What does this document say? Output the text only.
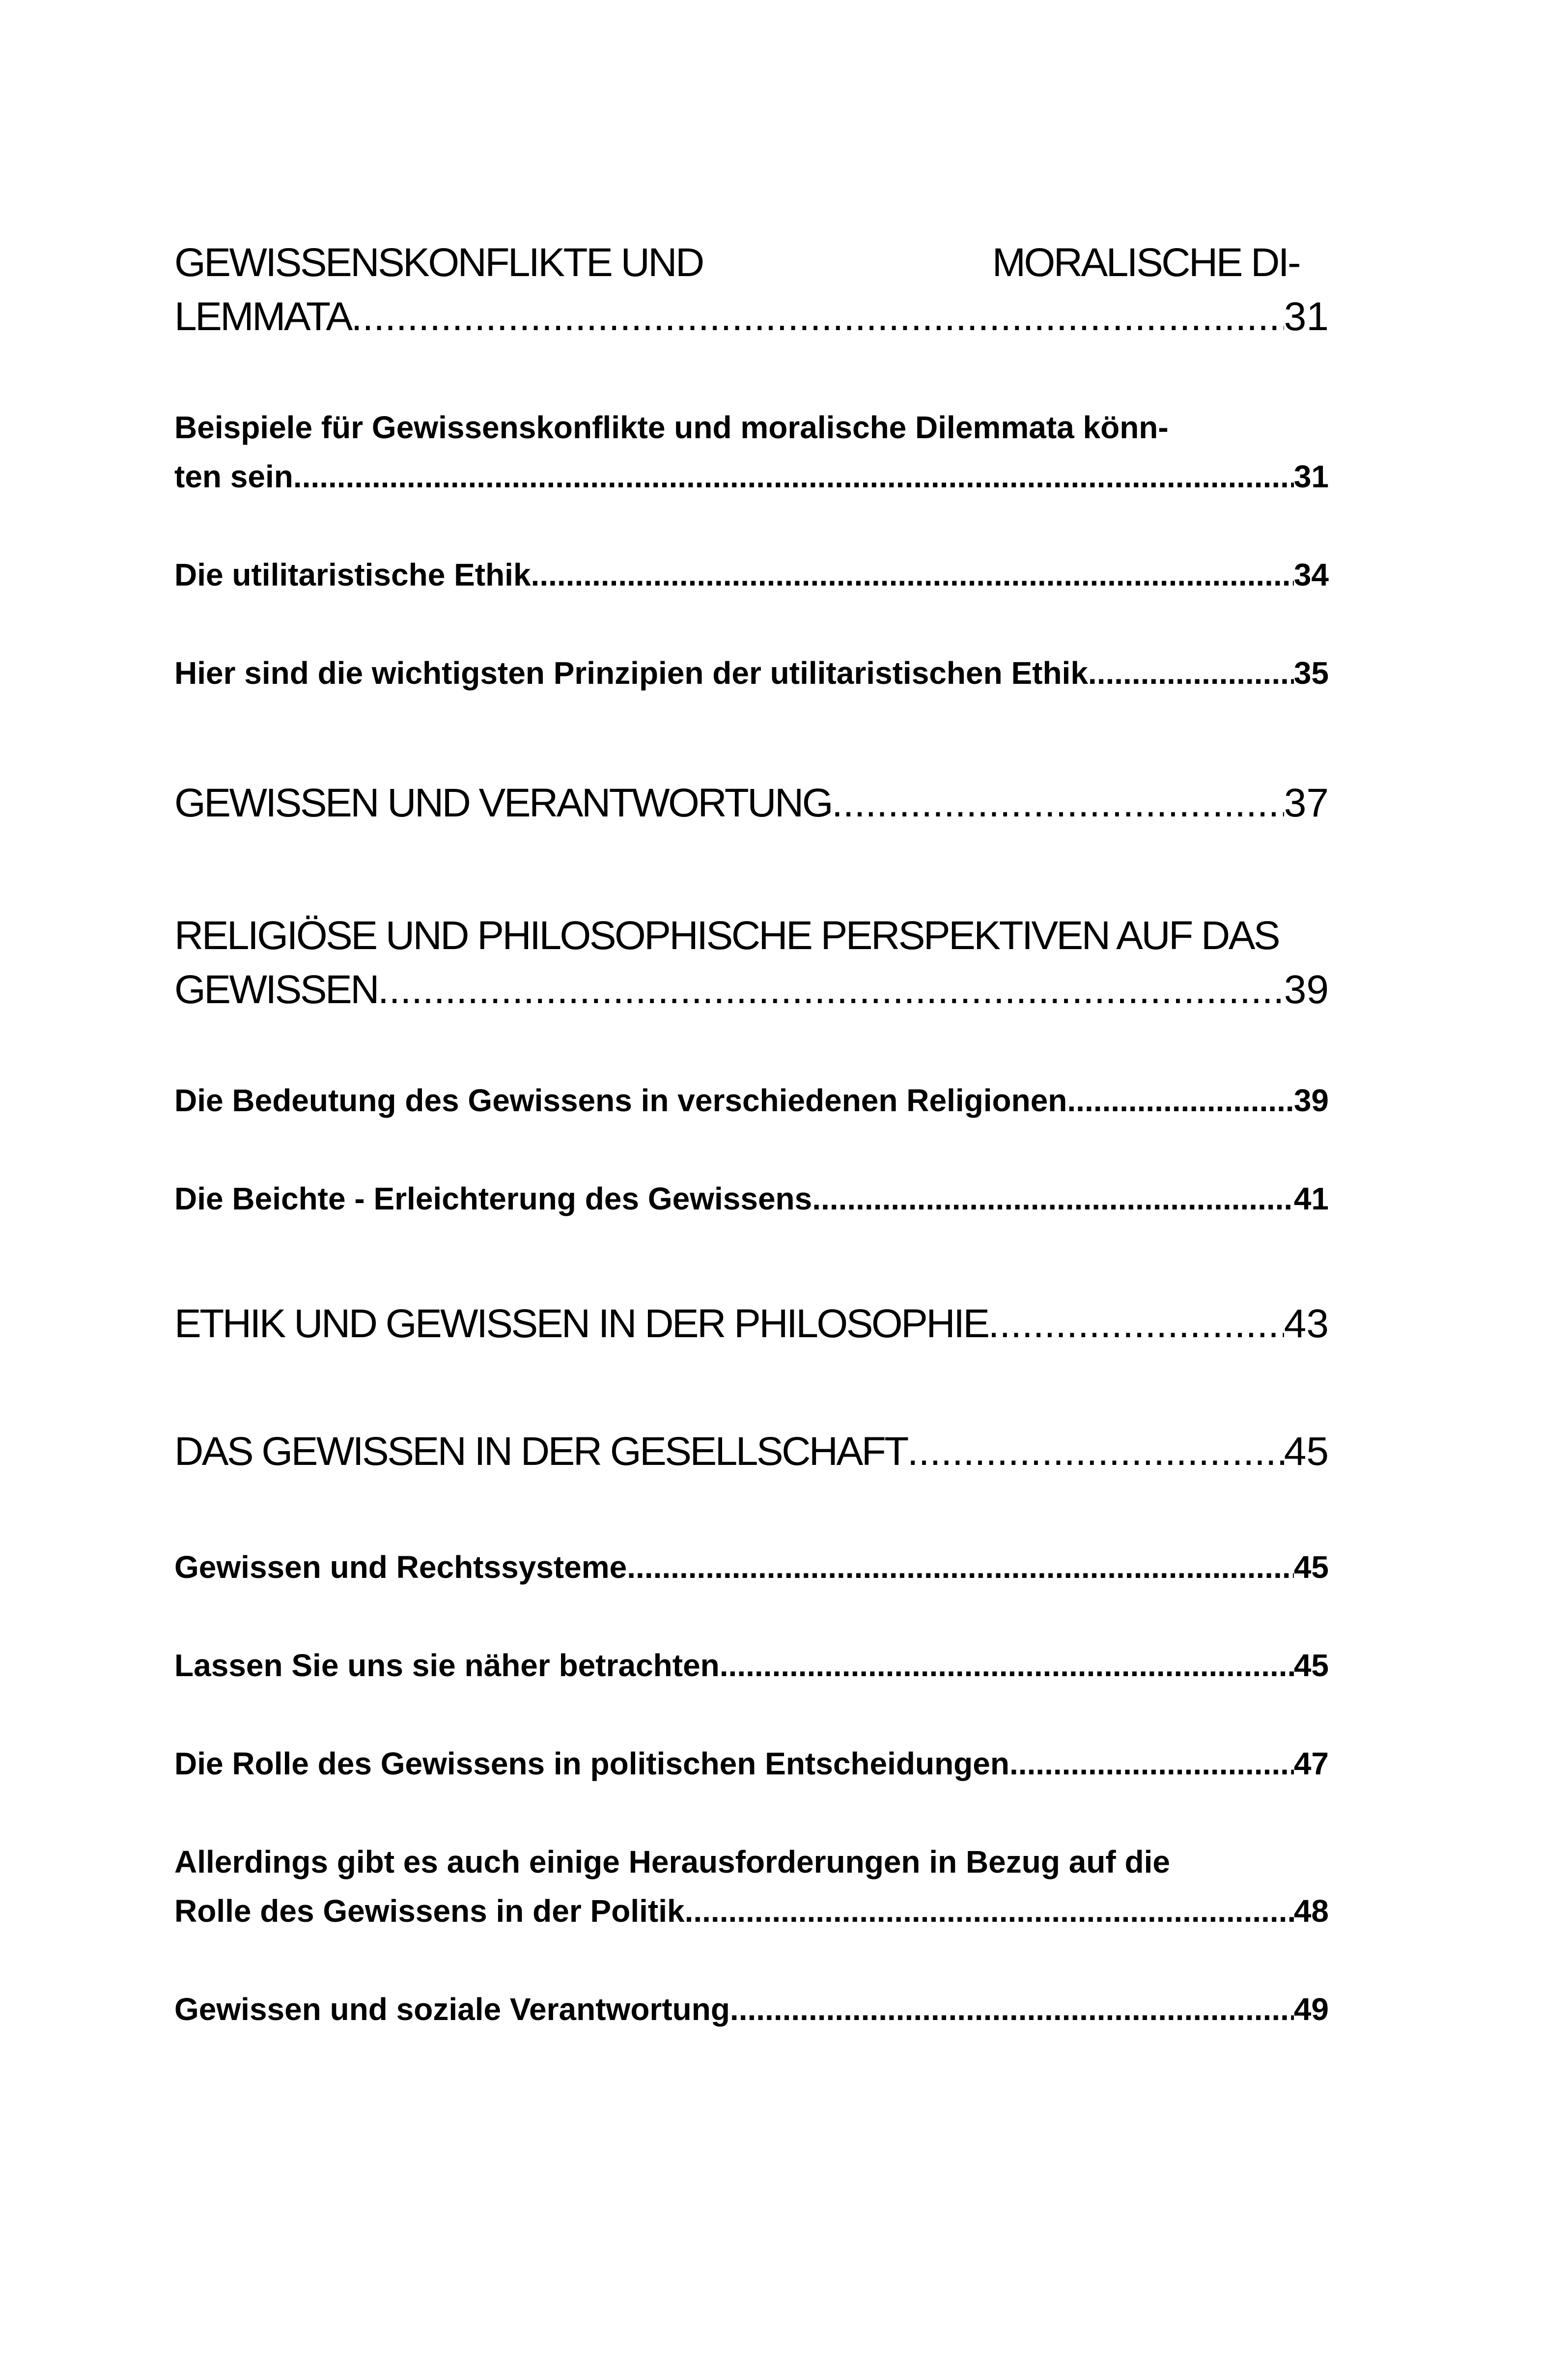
GEWISSENSKONFLIKTE UND	MORALISCHE DI-
LEMMATA .....	31
Beispiele für Gewissenskonflikte und moralische Dilemmata könn-
ten sein .....	31
Die utilitaristische Ethik .....	34
Hier sind die wichtigsten Prinzipien der utilitaristischen Ethik .....	35
GEWISSEN UND VERANTWORTUNG .....	37
RELIGIÖSE UND PHILOSOPHISCHE PERSPEKTIVEN AUF DAS
GEWISSEN .....	39
Die Bedeutung des Gewissens in verschiedenen Religionen .....	39
Die Beichte - Erleichterung des Gewissens .....	41
ETHIK UND GEWISSEN IN DER PHILOSOPHIE .....	43
DAS GEWISSEN IN DER GESELLSCHAFT .....	45
Gewissen und Rechtssysteme .....	45
Lassen Sie uns sie näher betrachten .....	45
Die Rolle des Gewissens in politischen Entscheidungen .....	47
Allerdings gibt es auch einige Herausforderungen in Bezug auf die
Rolle des Gewissens in der Politik .....	48
Gewissen und soziale Verantwortung .....	49
